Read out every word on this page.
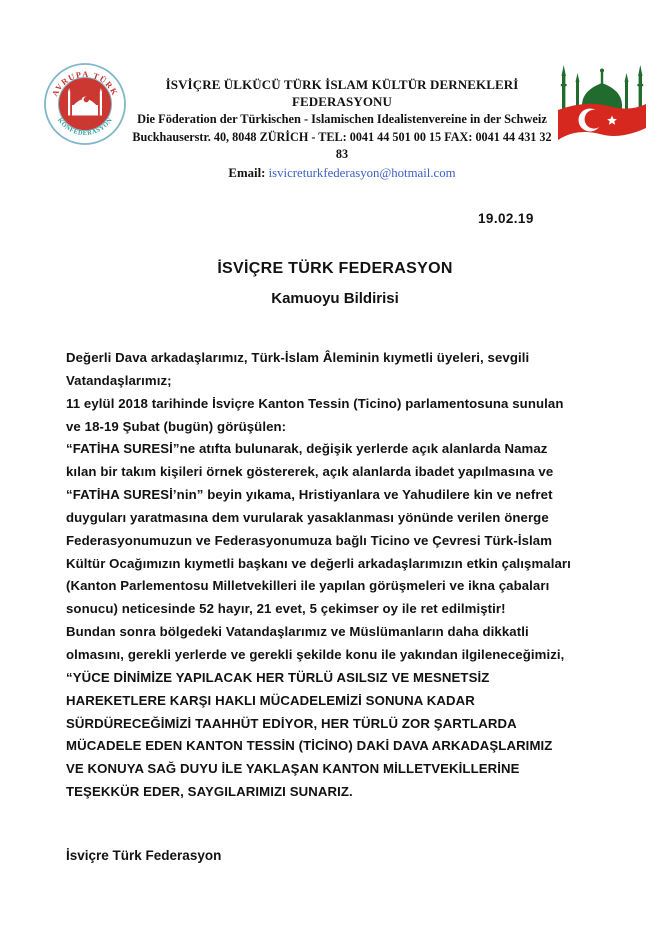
AVRUPA TÜRK
KONFEDERASYON
İSVİÇRE ÜLKÜCÜ TÜRK İSLAM KÜLTÜR DERNEKLERİ FEDERASYONU
Die Föderation der Türkischen - Islamischen Idealistenvereine in der Schweiz
Buckhauserstr. 40, 8048 ZÜRİCH - TEL: 0041 44 501 00 15 FAX: 0041 44 431 32 83
Email: isvicreturkfederasyon@hotmail.com
19.02.19
İSVİÇRE TÜRK FEDERASYON
Kamuoyu Bildirisi
Değerli Dava arkadaşlarımız, Türk-İslam Âleminin kıymetli üyeleri, sevgili
Vatandaşlarımız;
11 eylül 2018 tarihinde İsviçre Kanton Tessin (Ticino) parlamentosuna sunulan
ve 18-19 Şubat (bugün) görüşülen:
“FATİHA SURESİ”ne atıfta bulunarak, değişik yerlerde açık alanlarda Namaz
kılan bir takım kişileri örnek göstererek, açık alanlarda ibadet yapılmasına ve
“FATİHA SURESİ’nin” beyin yıkama, Hristiyanlara ve Yahudilere kin ve nefret
duyguları yaratmasına dem vurularak yasaklanması yönünde verilen önerge
Federasyonumuzun ve Federasyonumuza bağlı Ticino ve Çevresi Türk-İslam
Kültür Ocağımızın kıymetli başkanı ve değerli arkadaşlarımızın etkin çalışmaları
(Kanton Parlementosu Milletvekilleri ile yapılan görüşmeleri ve ikna çabaları
sonucu) neticesinde 52 hayır, 21 evet, 5 çekimser oy ile ret edilmiştir!
Bundan sonra bölgedeki Vatandaşlarımız ve Müslümanların daha dikkatli
olmasını, gerekli yerlerde ve gerekli şekilde konu ile yakından ilgileneceğimizi,
“YÜCE DİNİMİZE YAPILACAK HER TÜRLÜ ASILSIZ VE MESNETSİZ
HAREKETLERE KARŞI HAKLI MÜCADELEMİZİ SONUNA KADAR
SÜRDÜRECEĞİMİZİ TAAHHÜT EDİYOR, HER TÜRLÜ ZOR ŞARTLARDA
MÜCADELE EDEN KANTON TESSİN (TİCİNO) DAKİ DAVA ARKADAŞLARIMIZ
VE KONUYA SAĞ DUYU İLE YAKLAŞAN KANTON MİLLETVEKİLLERİNE
TEŞEKKÜR EDER, SAYGILARIMIZI SUNARIZ.
İsviçre Türk Federasyon
